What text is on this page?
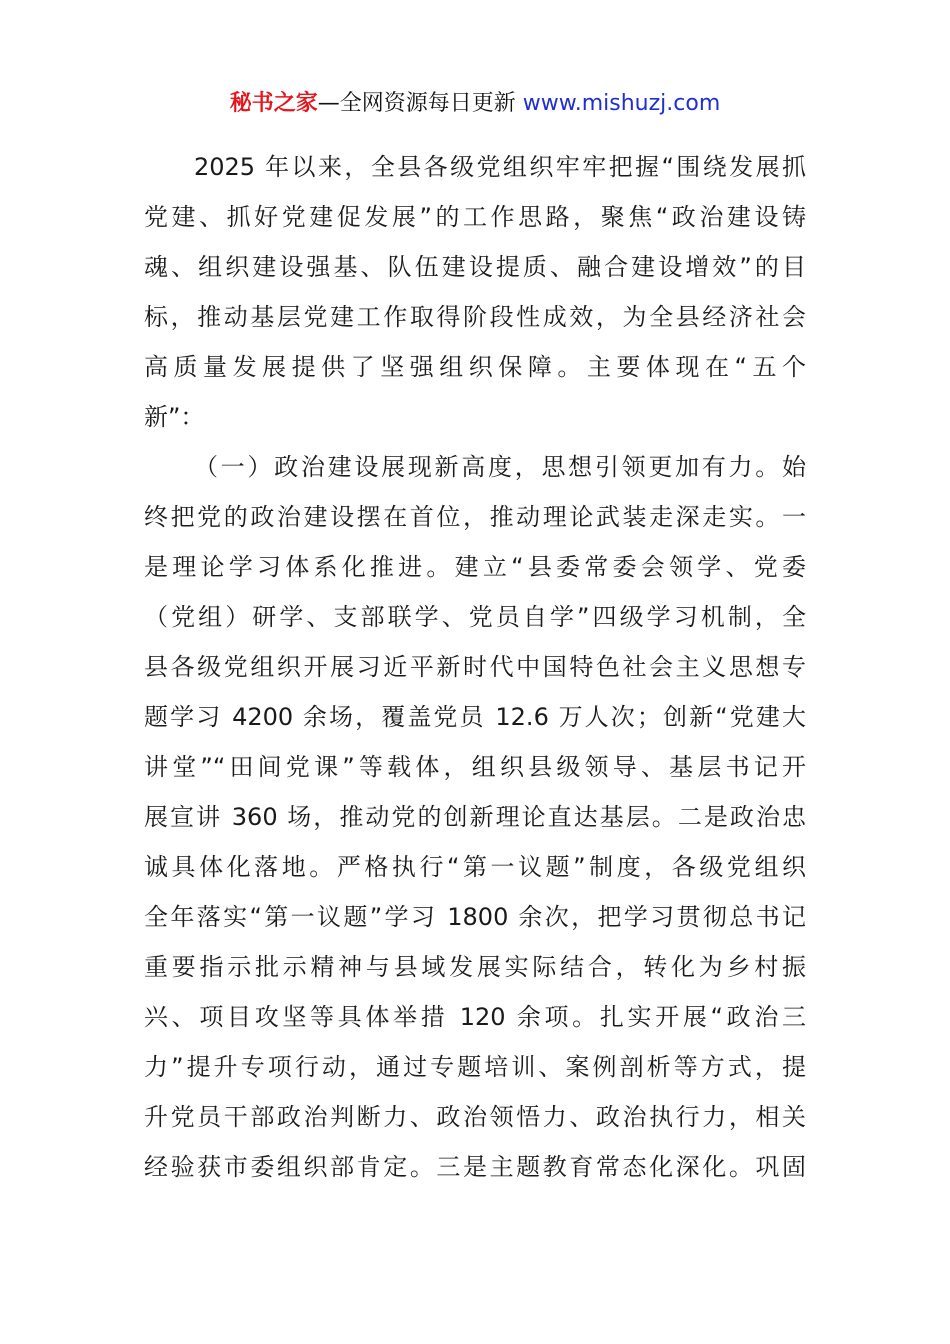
秘书之家—全网资源每日更新 www.mishuzj.com
2025 年以来，全县各级党组织牢牢把握“围绕发展抓
党建、抓好党建促发展”的工作思路，聚焦“政治建设铸
魂、组织建设强基、队伍建设提质、融合建设增效”的目
标，推动基层党建工作取得阶段性成效，为全县经济社会
高质量发展提供了坚强组织保障。主要体现在“五个
新”：
（一）政治建设展现新高度，思想引领更加有力。始
终把党的政治建设摆在首位，推动理论武装走深走实。一
是理论学习体系化推进。建立“县委常委会领学、党委
（党组）研学、支部联学、党员自学”四级学习机制，全
县各级党组织开展习近平新时代中国特色社会主义思想专
题学习 4200 余场，覆盖党员 12.6 万人次；创新“党建大
讲堂”“田间党课”等载体，组织县级领导、基层书记开
展宣讲 360 场，推动党的创新理论直达基层。二是政治忠
诚具体化落地。严格执行“第一议题”制度，各级党组织
全年落实“第一议题”学习 1800 余次，把学习贯彻总书记
重要指示批示精神与县域发展实际结合，转化为乡村振
兴、项目攻坚等具体举措 120 余项。扎实开展“政治三
力”提升专项行动，通过专题培训、案例剖析等方式，提
升党员干部政治判断力、政治领悟力、政治执行力，相关
经验获市委组织部肯定。三是主题教育常态化深化。巩固
